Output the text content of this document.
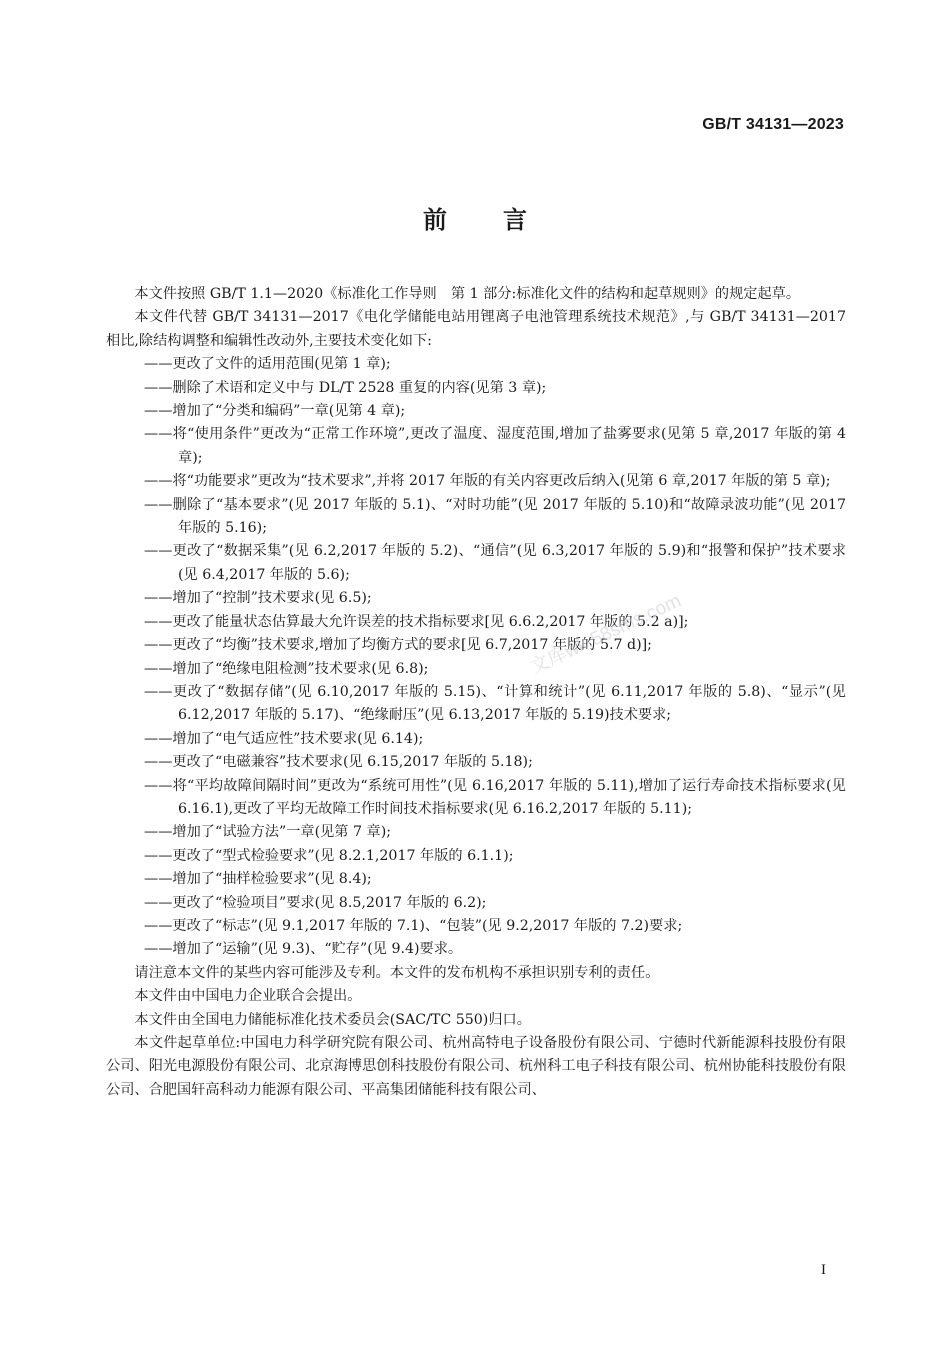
GB/T 34131—2023
前言

本文件按照 GB/T 1.1—2020《标准化工作导则　第 1 部分:标准化文件的结构和起草规则》的规定起草。

本文件代替 GB/T 34131—2017《电化学储能电站用锂离子电池管理系统技术规范》,与 GB/T 34131—2017 相比,除结构调整和编辑性改动外,主要技术变化如下:

——更改了文件的适用范围(见第 1 章);

——删除了术语和定义中与 DL/T 2528 重复的内容(见第 3 章);

——增加了“分类和编码”一章(见第 4 章);

——将“使用条件”更改为“正常工作环境”,更改了温度、湿度范围,增加了盐雾要求(见第 5 章,2017 年版的第 4 章);

——将“功能要求”更改为“技术要求”,并将 2017 年版的有关内容更改后纳入(见第 6 章,2017 年版的第 5 章);

——删除了“基本要求”(见 2017 年版的 5.1)、“对时功能”(见 2017 年版的 5.10)和“故障录波功能”(见 2017 年版的 5.16);

——更改了“数据采集”(见 6.2,2017 年版的 5.2)、“通信”(见 6.3,2017 年版的 5.9)和“报警和保护”技术要求(见 6.4,2017 年版的 5.6);

——增加了“控制”技术要求(见 6.5);

——更改了能量状态估算最大允许误差的技术指标要求[见 6.6.2,2017 年版的 5.2 a)];

——更改了“均衡”技术要求,增加了均衡方式的要求[见 6.7,2017 年版的 5.7 d)];

——增加了“绝缘电阻检测”技术要求(见 6.8);

——更改了“数据存储”(见 6.10,2017 年版的 5.15)、“计算和统计”(见 6.11,2017 年版的 5.8)、“显示”(见 6.12,2017 年版的 5.17)、“绝缘耐压”(见 6.13,2017 年版的 5.19)技术要求;

——增加了“电气适应性”技术要求(见 6.14);

——更改了“电磁兼容”技术要求(见 6.15,2017 年版的 5.18);

——将“平均故障间隔时间”更改为“系统可用性”(见 6.16,2017 年版的 5.11),增加了运行寿命技术指标要求(见 6.16.1),更改了平均无故障工作时间技术指标要求(见 6.16.2,2017 年版的 5.11);

——增加了“试验方法”一章(见第 7 章);

——更改了“型式检验要求”(见 8.2.1,2017 年版的 6.1.1);

——增加了“抽样检验要求”(见 8.4);

——更改了“检验项目”要求(见 8.5,2017 年版的 6.2);

——更改了“标志”(见 9.1,2017 年版的 7.1)、“包装”(见 9.2,2017 年版的 7.2)要求;

——增加了“运输”(见 9.3)、“贮存”(见 9.4)要求。

请注意本文件的某些内容可能涉及专利。本文件的发布机构不承担识别专利的责任。

本文件由中国电力企业联合会提出。

本文件由全国电力储能标准化技术委员会(SAC/TC 550)归口。

本文件起草单位:中国电力科学研究院有限公司、杭州高特电子设备股份有限公司、宁德时代新能源科技股份有限公司、阳光电源股份有限公司、北京海博思创科技股份有限公司、杭州科工电子科技有限公司、杭州协能科技股份有限公司、合肥国轩高科动力能源有限公司、平高集团储能科技有限公司、

文库wk.58sms.com
I
